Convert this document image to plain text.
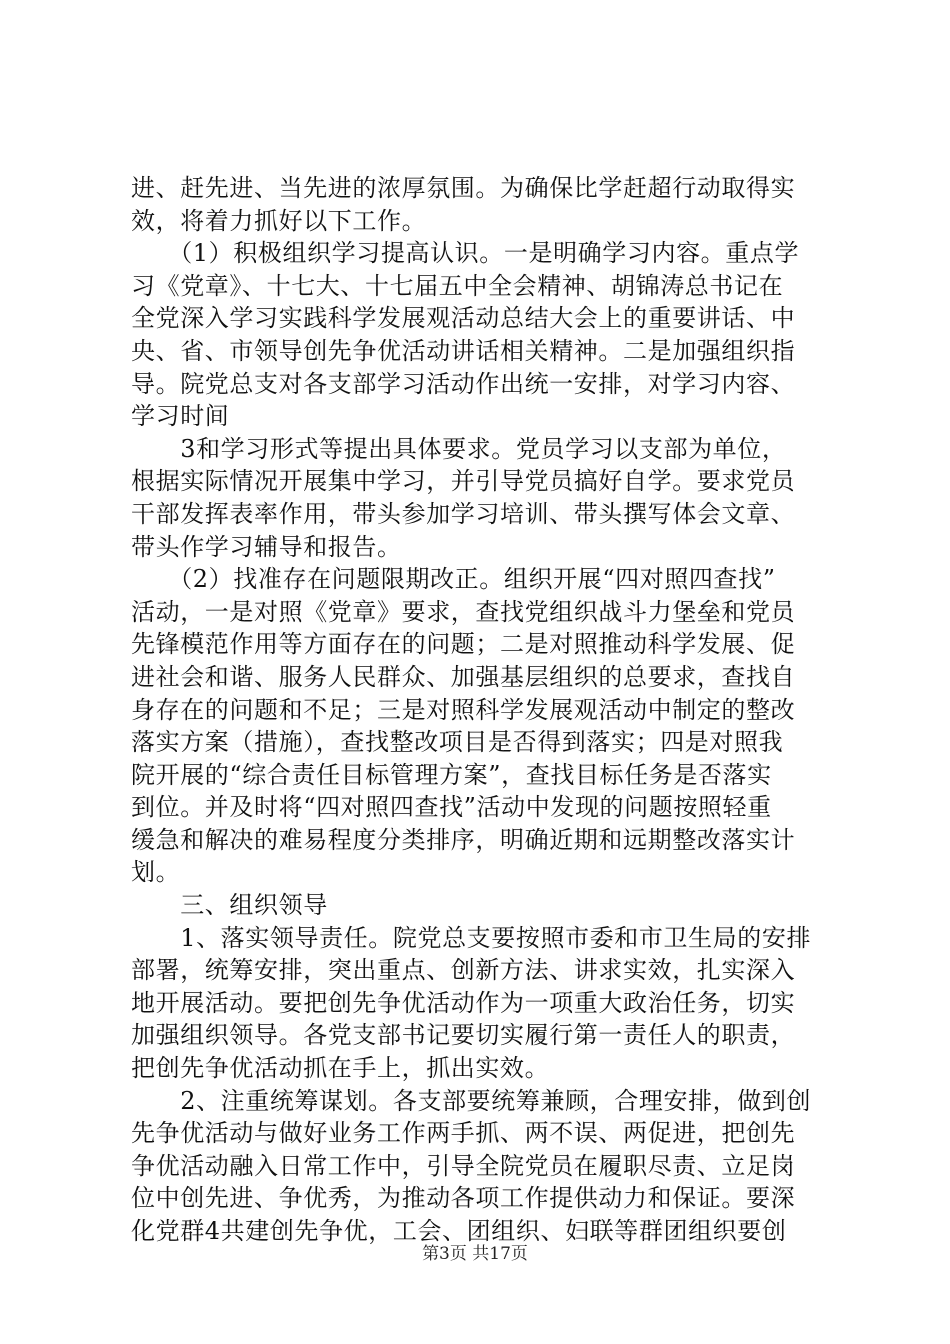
进、赶先进、当先进的浓厚氛围。为确保比学赶超行动取得实
效，将着力抓好以下工作。
　　（1）积极组织学习提高认识。一是明确学习内容。重点学
习《党章》、十七大、十七届五中全会精神、胡锦涛总书记在
全党深入学习实践科学发展观活动总结大会上的重要讲话、中
央、省、市领导创先争优活动讲话相关精神。二是加强组织指
导。院党总支对各支部学习活动作出统一安排，对学习内容、
学习时间
　　3和学习形式等提出具体要求。党员学习以支部为单位，
根据实际情况开展集中学习，并引导党员搞好自学。要求党员
干部发挥表率作用，带头参加学习培训、带头撰写体会文章、
带头作学习辅导和报告。
　　（2）找准存在问题限期改正。组织开展“四对照四查找”
活动，一是对照《党章》要求，查找党组织战斗力堡垒和党员
先锋模范作用等方面存在的问题；二是对照推动科学发展、促
进社会和谐、服务人民群众、加强基层组织的总要求，查找自
身存在的问题和不足；三是对照科学发展观活动中制定的整改
落实方案（措施），查找整改项目是否得到落实；四是对照我
院开展的“综合责任目标管理方案”，查找目标任务是否落实
到位。并及时将“四对照四查找”活动中发现的问题按照轻重
缓急和解决的难易程度分类排序，明确近期和远期整改落实计
划。
　　三、组织领导
　　1、落实领导责任。院党总支要按照市委和市卫生局的安排
部署，统筹安排，突出重点、创新方法、讲求实效，扎实深入
地开展活动。要把创先争优活动作为一项重大政治任务，切实
加强组织领导。各党支部书记要切实履行第一责任人的职责，
把创先争优活动抓在手上，抓出实效。
　　2、注重统筹谋划。各支部要统筹兼顾，合理安排，做到创
先争优活动与做好业务工作两手抓、两不误、两促进，把创先
争优活动融入日常工作中，引导全院党员在履职尽责、立足岗
位中创先进、争优秀，为推动各项工作提供动力和保证。要深
化党群4共建创先争优，工会、团组织、妇联等群团组织要创
第3页 共17页
